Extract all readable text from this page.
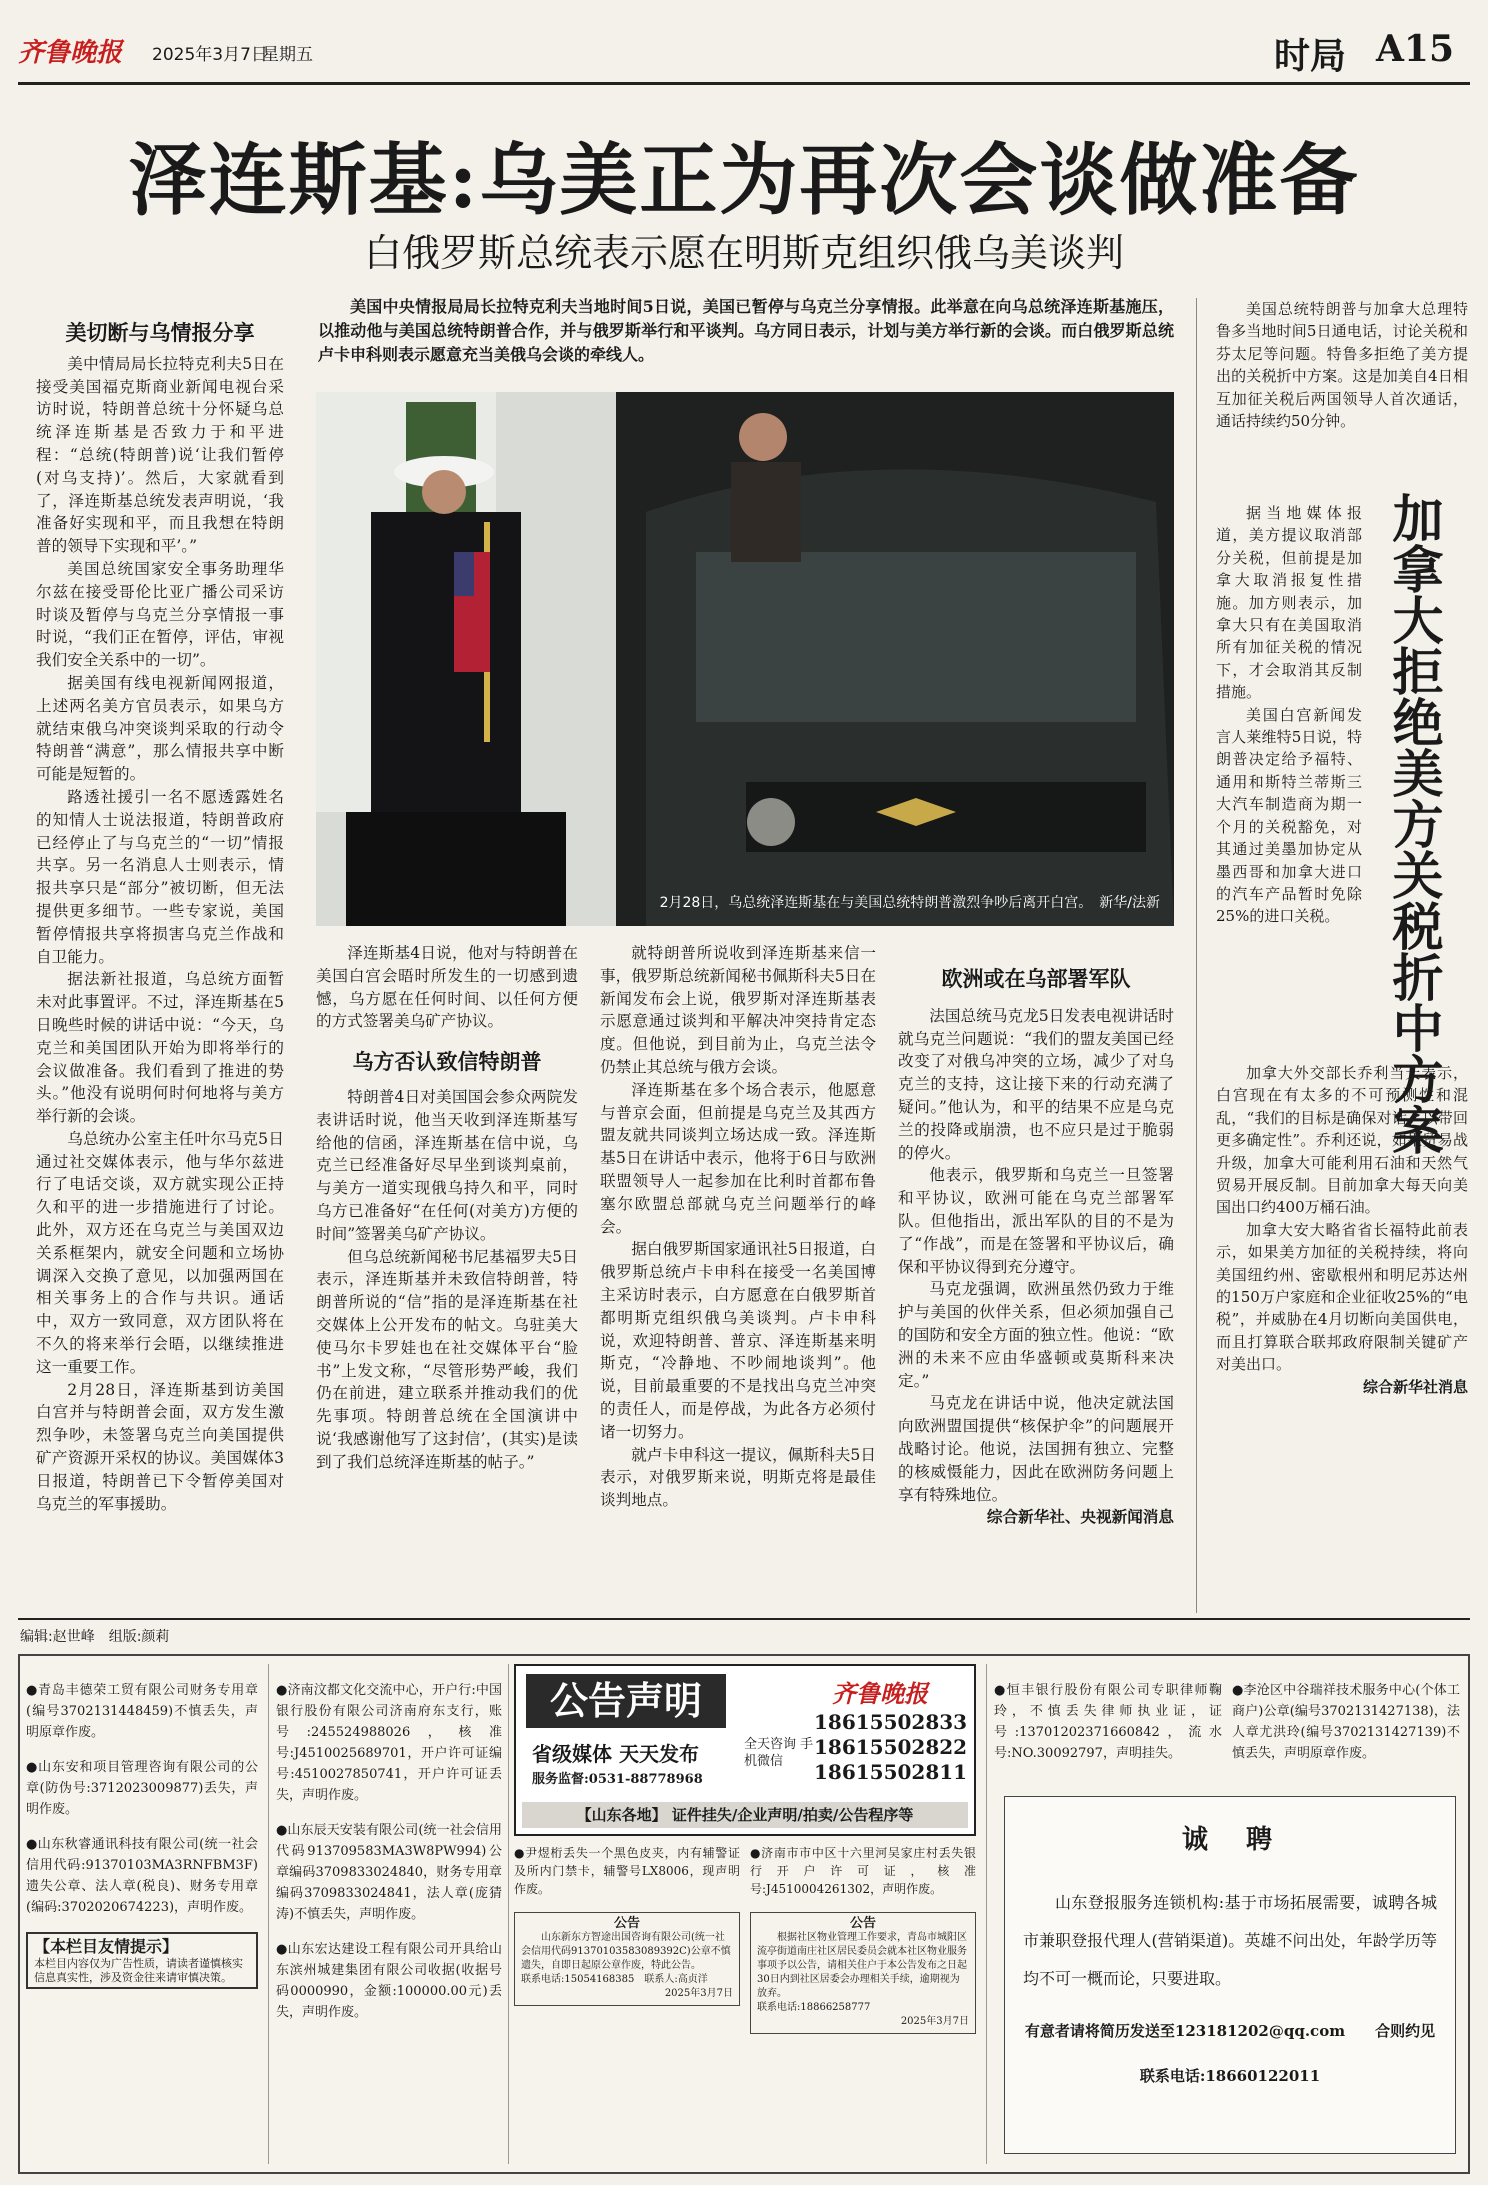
齐鲁晚报 2025年3月7日
星期五	时局 A15
泽连斯基:乌美正为再次会谈做准备
白俄罗斯总统表示愿在明斯克组织俄乌美谈判
美国中央情报局局长拉特克利夫当地时间5日说，美国已暂停与乌克兰分享情报。此举意在向乌总统泽连斯基施压，以推动他与美国总统特朗普合作，并与俄罗斯举行和平谈判。乌方同日表示，计划与美方举行新的会谈。而白俄罗斯总统卢卡申科则表示愿意充当美俄乌会谈的牵线人。
美切断与乌情报分享

美中情局局长拉特克利夫5日在接受美国福克斯商业新闻电视台采访时说，特朗普总统十分怀疑乌总统泽连斯基是否致力于和平进程：“总统(特朗普)说‘让我们暂停(对乌支持)’。然后，大家就看到了，泽连斯基总统发表声明说，‘我准备好实现和平，而且我想在特朗普的领导下实现和平’。”

美国总统国家安全事务助理华尔兹在接受哥伦比亚广播公司采访时谈及暂停与乌克兰分享情报一事时说，“我们正在暂停，评估，审视我们安全关系中的一切”。

据美国有线电视新闻网报道，上述两名美方官员表示，如果乌方就结束俄乌冲突谈判采取的行动令特朗普“满意”，那么情报共享中断可能是短暂的。

路透社援引一名不愿透露姓名的知情人士说法报道，特朗普政府已经停止了与乌克兰的“一切”情报共享。另一名消息人士则表示，情报共享只是“部分”被切断，但无法提供更多细节。一些专家说，美国暂停情报共享将损害乌克兰作战和自卫能力。

据法新社报道，乌总统方面暂未对此事置评。不过，泽连斯基在5日晚些时候的讲话中说：“今天，乌克兰和美国团队开始为即将举行的会议做准备。我们看到了推进的势头。”他没有说明何时何地将与美方举行新的会谈。

乌总统办公室主任叶尔马克5日通过社交媒体表示，他与华尔兹进行了电话交谈，双方就实现公正持久和平的进一步措施进行了讨论。此外，双方还在乌克兰与美国双边关系框架内，就安全问题和立场协调深入交换了意见，以加强两国在相关事务上的合作与共识。通话中，双方一致同意，双方团队将在不久的将来举行会晤，以继续推进这一重要工作。

2月28日，泽连斯基到访美国白宫并与特朗普会面，双方发生激烈争吵，未签署乌克兰向美国提供矿产资源开采权的协议。美国媒体3日报道，特朗普已下令暂停美国对乌克兰的军事援助。

2月28日，乌总统泽连斯基在与美国总统特朗普激烈争吵后离开白宫。　新华/法新

泽连斯基4日说，他对与特朗普在美国白宫会晤时所发生的一切感到遗憾，乌方愿在任何时间、以任何方便的方式签署美乌矿产协议。

乌方否认致信特朗普

特朗普4日对美国国会参众两院发表讲话时说，他当天收到泽连斯基写给他的信函，泽连斯基在信中说，乌克兰已经准备好尽早坐到谈判桌前，与美方一道实现俄乌持久和平，同时乌方已准备好“在任何(对美方)方便的时间”签署美乌矿产协议。

但乌总统新闻秘书尼基福罗夫5日表示，泽连斯基并未致信特朗普，特朗普所说的“信”指的是泽连斯基在社交媒体上公开发布的帖文。乌驻美大使马尔卡罗娃也在社交媒体平台“脸书”上发文称，“尽管形势严峻，我们仍在前进，建立联系并推动我们的优先事项。特朗普总统在全国演讲中说‘我感谢他写了这封信’，(其实)是读到了我们总统泽连斯基的帖子。”

就特朗普所说收到泽连斯基来信一事，俄罗斯总统新闻秘书佩斯科夫5日在新闻发布会上说，俄罗斯对泽连斯基表示愿意通过谈判和平解决冲突持肯定态度。但他说，到目前为止，乌克兰法令仍禁止其总统与俄方会谈。

泽连斯基在多个场合表示，他愿意与普京会面，但前提是乌克兰及其西方盟友就共同谈判立场达成一致。泽连斯基5日在讲话中表示，他将于6日与欧洲联盟领导人一起参加在比利时首都布鲁塞尔欧盟总部就乌克兰问题举行的峰会。

据白俄罗斯国家通讯社5日报道，白俄罗斯总统卢卡申科在接受一名美国博主采访时表示，白方愿意在白俄罗斯首都明斯克组织俄乌美谈判。卢卡申科说，欢迎特朗普、普京、泽连斯基来明斯克，“冷静地、不吵闹地谈判”。他说，目前最重要的不是找出乌克兰冲突的责任人，而是停战，为此各方必须付诸一切努力。

就卢卡申科这一提议，佩斯科夫5日表示，对俄罗斯来说，明斯克将是最佳谈判地点。

欧洲或在乌部署军队

法国总统马克龙5日发表电视讲话时就乌克兰问题说：“我们的盟友美国已经改变了对俄乌冲突的立场，减少了对乌克兰的支持，这让接下来的行动充满了疑问。”他认为，和平的结果不应是乌克兰的投降或崩溃，也不应只是过于脆弱的停火。

他表示，俄罗斯和乌克兰一旦签署和平协议，欧洲可能在乌克兰部署军队。但他指出，派出军队的目的不是为了“作战”，而是在签署和平协议后，确保和平协议得到充分遵守。

马克龙强调，欧洲虽然仍致力于维护与美国的伙伴关系，但必须加强自己的国防和安全方面的独立性。他说：“欧洲的未来不应由华盛顿或莫斯科来决定。”

马克龙在讲话中说，他决定就法国向欧洲盟国提供“核保护伞”的问题展开战略讨论。他说，法国拥有独立、完整的核威慑能力，因此在欧洲防务问题上享有特殊地位。

综合新华社、央视新闻消息
加拿大拒绝美方关税折中方案

美国总统特朗普与加拿大总理特鲁多当地时间5日通电话，讨论关税和芬太尼等问题。特鲁多拒绝了美方提出的关税折中方案。这是加美自4日相互加征关税后两国领导人首次通话，通话持续约50分钟。

据当地媒体报道，美方提议取消部分关税，但前提是加拿大取消报复性措施。加方则表示，加拿大只有在美国取消所有加征关税的情况下，才会取消其反制措施。

美国白宫新闻发言人莱维特5日说，特朗普决定给予福特、通用和斯特兰蒂斯三大汽车制造商为期一个月的关税豁免，对其通过美墨加协定从墨西哥和加拿大进口的汽车产品暂时免除25%的进口关税。

加拿大外交部长乔利当天表示，白宫现在有太多的不可预测性和混乱，“我们的目标是确保对话，以带回更多确定性”。乔利还说，如果贸易战升级，加拿大可能利用石油和天然气贸易开展反制。目前加拿大每天向美国出口约400万桶石油。

加拿大安大略省省长福特此前表示，如果美方加征的关税持续，将向美国纽约州、密歇根州和明尼苏达州的150万户家庭和企业征收25%的“电税”，并威胁在4月切断向美国供电，而且打算联合联邦政府限制关键矿产对美出口。

综合新华社消息
编辑:赵世峰　组版:颜莉

●青岛丰德荣工贸有限公司财务专用章(编号3702131448459)不慎丢失，声明原章作废。

●山东安和项目管理咨询有限公司的公章(防伪号:3712023009877)丢失，声明作废。

●山东秋睿通讯科技有限公司(统一社会信用代码:91370103MA3RNFBM3F)遗失公章、法人章(税良)、财务专用章(编码:3702020674223)，声明作废。

【本栏目友情提示】
本栏目内容仅为广告性质，请读者谨慎核实信息真实性，涉及资金往来请审慎决策。

●济南汶都文化交流中心，开户行:中国银行股份有限公司济南府东支行，账号:245524988026，核准号:J4510025689701，开户许可证编号:4510027850741，开户许可证丢失，声明作废。

●山东辰天安装有限公司(统一社会信用代码913709583MA3W8PW994)公章编码3709833024840，财务专用章编码3709833024841，法人章(庞猜涛)不慎丢失，声明作废。

●山东宏达建设工程有限公司开具给山东滨州城建集团有限公司收据(收据号码0000990，金额:100000.00元)丢失，声明作废。

公告声明
省级媒体 天天发布
服务监督:0531-88778968
齐鲁晚报
全天咨询 手机微信
18615502833
18615502822
18615502811
【山东各地】 证件挂失/企业声明/拍卖/公告程序等

●尹煜桁丢失一个黑色皮夹，内有辅警证及所内门禁卡，辅警号LX8006，现声明作废。

公告
山东新东方智途出国咨询有限公司(统一社会信用代码91370103583089392C)公章不慎遗失，自即日起原公章作废，特此公告。
联系电话:15054168385　联系人:高贞洋
2025年3月7日

●济南市市中区十六里河吴家庄村丢失银行开户许可证，核准号:J4510004261302，声明作废。

公告
根据社区物业管理工作要求，青岛市城阳区流亭街道南庄社区居民委员会就本社区物业服务事项予以公告，请相关住户于本公告发布之日起30日内到社区居委会办理相关手续，逾期视为放弃。
联系电话:18866258777
2025年3月7日

●恒丰银行股份有限公司专职律师鞠玲，不慎丢失律师执业证，证号:13701202371660842，流水号:NO.30092797，声明挂失。

●李沧区中谷瑞祥技术服务中心(个体工商户)公章(编号3702131427138)，法人章尤洪玲(编号3702131427139)不慎丢失，声明原章作废。

诚　聘
山东登报服务连锁机构:基于市场拓展需要，诚聘各城市兼职登报代理人(营销渠道)。英雄不问出处，年龄学历等均不可一概而论，只要进取。
有意者请将简历发送至123181202@qq.com　　合则约见
联系电话:18660122011
